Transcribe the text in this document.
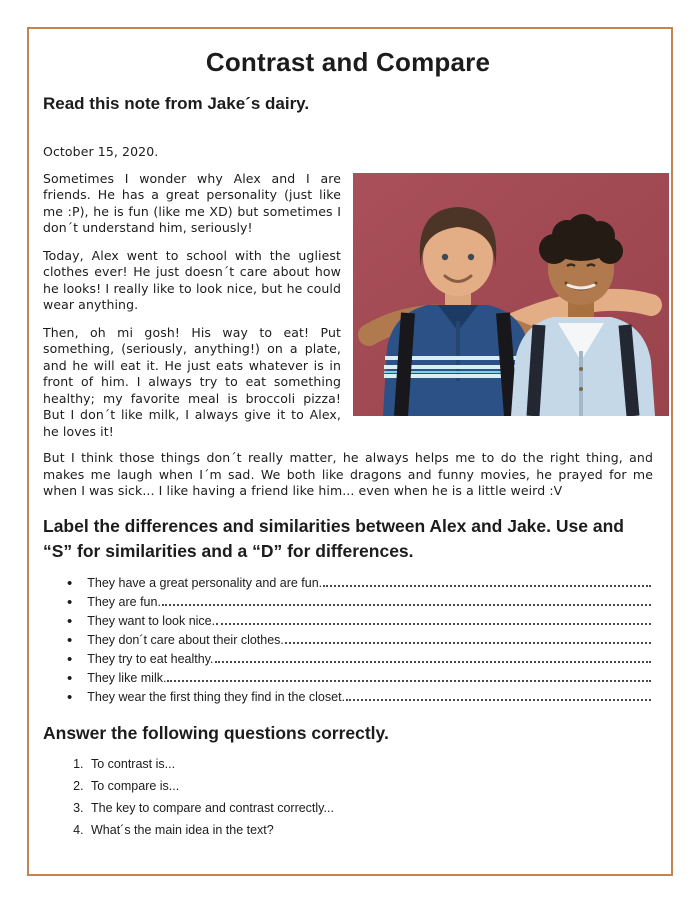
Contrast and Compare
Read this note from Jake´s dairy.
October 15, 2020.

Sometimes I wonder why Alex and I are friends. He has a great personality (just like me :P), he is fun (like me XD) but sometimes I don´t understand him, seriously!

Today, Alex went to school with the ugliest clothes ever! He just doesn´t care about how he looks! I really like to look nice, but he could wear anything.

Then, oh mi gosh! His way to eat! Put something, (seriously, anything!) on a plate, and he will eat it. He just eats whatever is in front of him. I always try to eat something healthy; my favorite meal is broccoli pizza! But I don´t like milk, I always give it to Alex, he loves it!

But I think those things don´t really matter, he always helps me to do the right thing, and makes me laugh when I´m sad. We both like dragons and funny movies, he prayed for me when I was sick... I like having a friend like him... even when he is a little weird :V

Label the differences and similarities between Alex and Jake. Use and “S” for similarities and a “D” for differences.
• They have a great personality and are fun.
• They are fun.
• They want to look nice.
• They don´t care about their clothes.
• They try to eat healthy.
• They like milk.
• They wear the first thing they find in the closet.
Answer the following questions correctly.
1. To contrast is...
2. To compare is...
3. The key to compare and contrast correctly...
4. What´s the main idea in the text?
